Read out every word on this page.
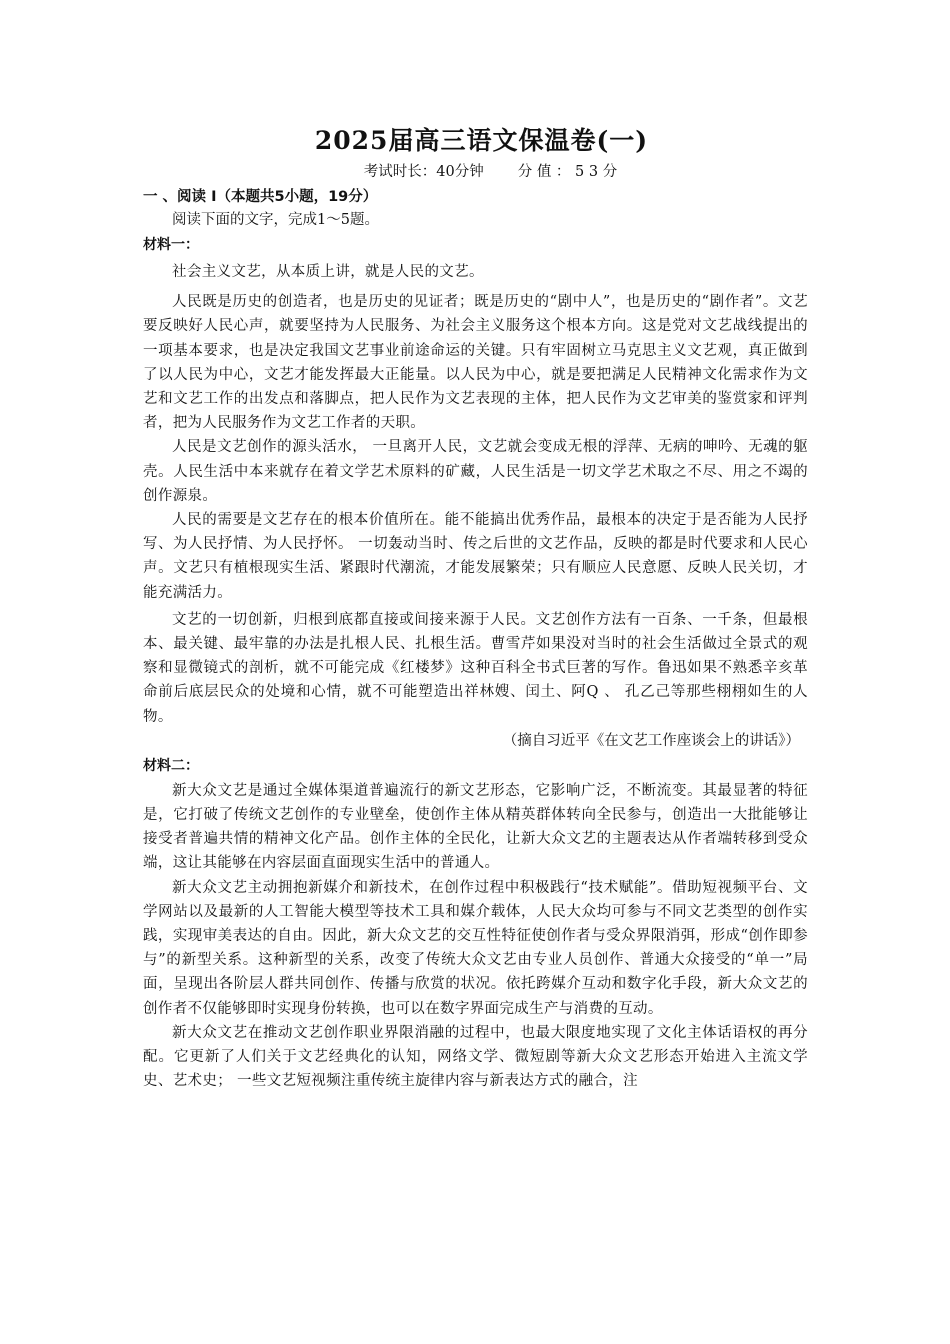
2025届高三语文保温卷(一)
考试时长：40分钟 分 值 ： 5 3 分
一 、阅读 Ⅰ（本题共5小题，19分）

阅读下面的文字，完成1～5题。

材料一：

社会主义文艺，从本质上讲，就是人民的文艺。

人民既是历史的创造者，也是历史的见证者；既是历史的“剧中人”，也是历史的“剧作者”。文艺要反映好人民心声，就要坚持为人民服务、为社会主义服务这个根本方向。这是党对文艺战线提出的一项基本要求，也是决定我国文艺事业前途命运的关键。只有牢固树立马克思主义文艺观，真正做到了以人民为中心，文艺才能发挥最大正能量。以人民为中心，就是要把满足人民精神文化需求作为文艺和文艺工作的出发点和落脚点，把人民作为文艺表现的主体，把人民作为文艺审美的鉴赏家和评判者，把为人民服务作为文艺工作者的天职。

人民是文艺创作的源头活水， 一旦离开人民，文艺就会变成无根的浮萍、无病的呻吟、无魂的躯壳。人民生活中本来就存在着文学艺术原料的矿藏，人民生活是一切文学艺术取之不尽、用之不竭的创作源泉。

人民的需要是文艺存在的根本价值所在。能不能搞出优秀作品，最根本的决定于是否能为人民抒写、为人民抒情、为人民抒怀。 一切轰动当时、传之后世的文艺作品，反映的都是时代要求和人民心声。文艺只有植根现实生活、紧跟时代潮流，才能发展繁荣；只有顺应人民意愿、反映人民关切，才能充满活力。

文艺的一切创新，归根到底都直接或间接来源于人民。文艺创作方法有一百条、一千条，但最根本、最关键、最牢靠的办法是扎根人民、扎根生活。曹雪芹如果没对当时的社会生活做过全景式的观察和显微镜式的剖析，就不可能完成《红楼梦》这种百科全书式巨著的写作。鲁迅如果不熟悉辛亥革命前后底层民众的处境和心情，就不可能塑造出祥林嫂、闰土、阿Q 、 孔乙己等那些栩栩如生的人物。

（摘自习近平《在文艺工作座谈会上的讲话》）
材料二：

新大众文艺是通过全媒体渠道普遍流行的新文艺形态，它影响广泛，不断流变。其最显著的特征是，它打破了传统文艺创作的专业壁垒，使创作主体从精英群体转向全民参与，创造出一大批能够让接受者普遍共情的精神文化产品。创作主体的全民化，让新大众文艺的主题表达从作者端转移到受众端，这让其能够在内容层面直面现实生活中的普通人。

新大众文艺主动拥抱新媒介和新技术，在创作过程中积极践行“技术赋能”。借助短视频平台、文学网站以及最新的人工智能大模型等技术工具和媒介载体，人民大众均可参与不同文艺类型的创作实践，实现审美表达的自由。因此，新大众文艺的交互性特征使创作者与受众界限消弭，形成“创作即参与”的新型关系。这种新型的关系，改变了传统大众文艺由专业人员创作、普通大众接受的“单一”局面，呈现出各阶层人群共同创作、传播与欣赏的状况。依托跨媒介互动和数字化手段，新大众文艺的创作者不仅能够即时实现身份转换，也可以在数字界面完成生产与消费的互动。

新大众文艺在推动文艺创作职业界限消融的过程中，也最大限度地实现了文化主体话语权的再分配。它更新了人们关于文艺经典化的认知，网络文学、微短剧等新大众文艺形态开始进入主流文学史、艺术史； 一些文艺短视频注重传统主旋律内容与新表达方式的融合，注
